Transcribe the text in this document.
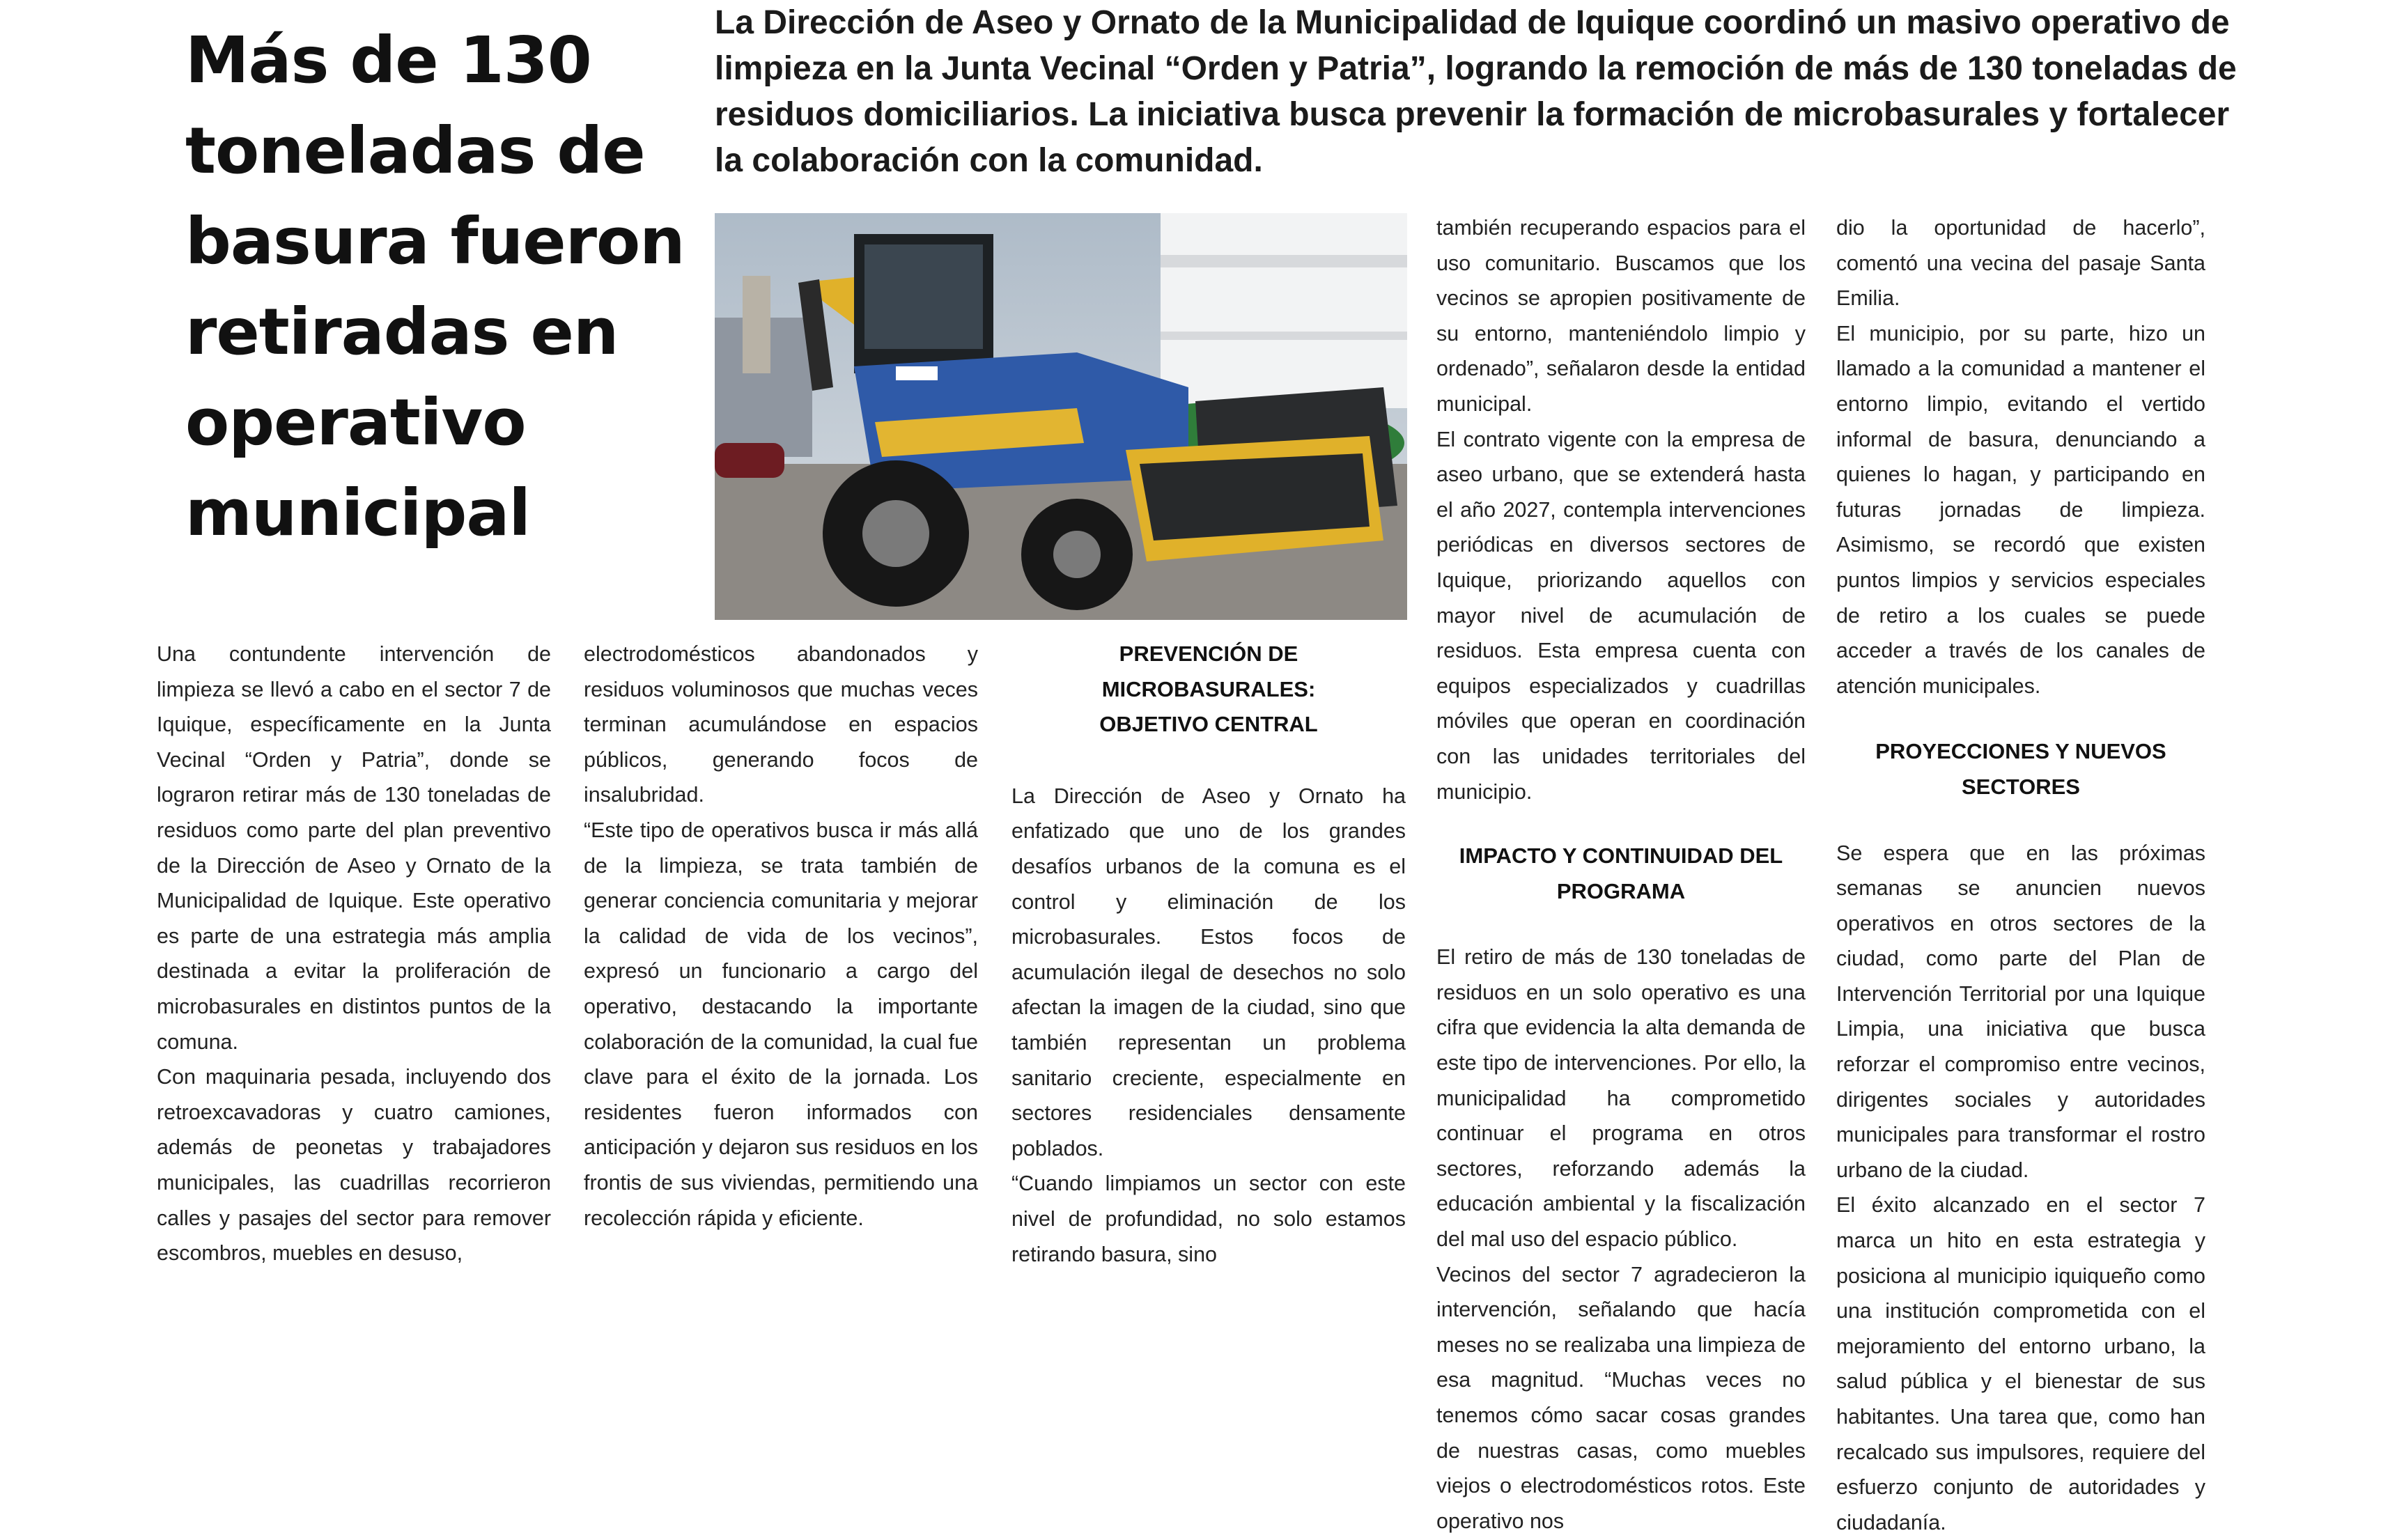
Más de 130 toneladas de basura fueron retiradas en operativo municipal

La Dirección de Aseo y Ornato de la Municipalidad de Iquique coordinó un masivo operativo de limpieza en la Junta Vecinal “Orden y Patria”, logrando la remoción de más de 130 toneladas de residuos domiciliarios. La iniciativa busca prevenir la formación de microbasurales y fortalecer la colaboración con la comunidad.

Una contundente intervención de limpieza se llevó a cabo en el sector 7 de Iquique, específicamente en la Junta Vecinal “Orden y Patria”, donde se lograron retirar más de 130 toneladas de residuos como parte del plan preventivo de la Dirección de Aseo y Ornato de la Municipalidad de Iquique. Este operativo es parte de una estrategia más amplia destinada a evitar la proliferación de microbasurales en distintos puntos de la comuna.

Con maquinaria pesada, incluyendo dos retroexcavadoras y cuatro camiones, además de peonetas y trabajadores municipales, las cuadrillas recorrieron calles y pasajes del sector para remover escombros, muebles en desuso,

electrodomésticos abandonados y residuos voluminosos que muchas veces terminan acumulándose en espacios públicos, generando focos de insalubridad.

“Este tipo de operativos busca ir más allá de la limpieza, se trata también de generar conciencia comunitaria y mejorar la calidad de vida de los vecinos”, expresó un funcionario a cargo del operativo, destacando la importante colaboración de la comunidad, la cual fue clave para el éxito de la jornada. Los residentes fueron informados con anticipación y dejaron sus residuos en los frontis de sus viviendas, permitiendo una recolección rápida y eficiente.

PREVENCIÓN DE MICROBASURALES: OBJETIVO CENTRAL

La Dirección de Aseo y Ornato ha enfatizado que uno de los grandes desafíos urbanos de la comuna es el control y eliminación de los microbasurales. Estos focos de acumulación ilegal de desechos no solo afectan la imagen de la ciudad, sino que también representan un problema sanitario creciente, especialmente en sectores residenciales densamente poblados.

“Cuando limpiamos un sector con este nivel de profundidad, no solo estamos retirando basura, sino

también recuperando espacios para el uso comunitario. Buscamos que los vecinos se apropien positivamente de su entorno, manteniéndolo limpio y ordenado”, señalaron desde la entidad municipal.

El contrato vigente con la empresa de aseo urbano, que se extenderá hasta el año 2027, contempla intervenciones periódicas en diversos sectores de Iquique, priorizando aquellos con mayor nivel de acumulación de residuos. Esta empresa cuenta con equipos especializados y cuadrillas móviles que operan en coordinación con las unidades territoriales del municipio.

IMPACTO Y CONTINUIDAD DEL PROGRAMA

El retiro de más de 130 toneladas de residuos en un solo operativo es una cifra que evidencia la alta demanda de este tipo de intervenciones. Por ello, la municipalidad ha comprometido continuar el programa en otros sectores, reforzando además la educación ambiental y la fiscalización del mal uso del espacio público.

Vecinos del sector 7 agradecieron la intervención, señalando que hacía meses no se realizaba una limpieza de esa magnitud. “Muchas veces no tenemos cómo sacar cosas grandes de nuestras casas, como muebles viejos o electrodomésticos rotos. Este operativo nos

dio la oportunidad de hacerlo”, comentó una vecina del pasaje Santa Emilia.

El municipio, por su parte, hizo un llamado a la comunidad a mantener el entorno limpio, evitando el vertido informal de basura, denunciando a quienes lo hagan, y participando en futuras jornadas de limpieza. Asimismo, se recordó que existen puntos limpios y servicios especiales de retiro a los cuales se puede acceder a través de los canales de atención municipales.

PROYECCIONES Y NUEVOS SECTORES

Se espera que en las próximas semanas se anuncien nuevos operativos en otros sectores de la ciudad, como parte del Plan de Intervención Territorial por una Iquique Limpia, una iniciativa que busca reforzar el compromiso entre vecinos, dirigentes sociales y autoridades municipales para transformar el rostro urbano de la ciudad.

El éxito alcanzado en el sector 7 marca un hito en esta estrategia y posiciona al municipio iquiqueño como una institución comprometida con el mejoramiento del entorno urbano, la salud pública y el bienestar de sus habitantes. Una tarea que, como han recalcado sus impulsores, requiere del esfuerzo conjunto de autoridades y ciudadanía.
